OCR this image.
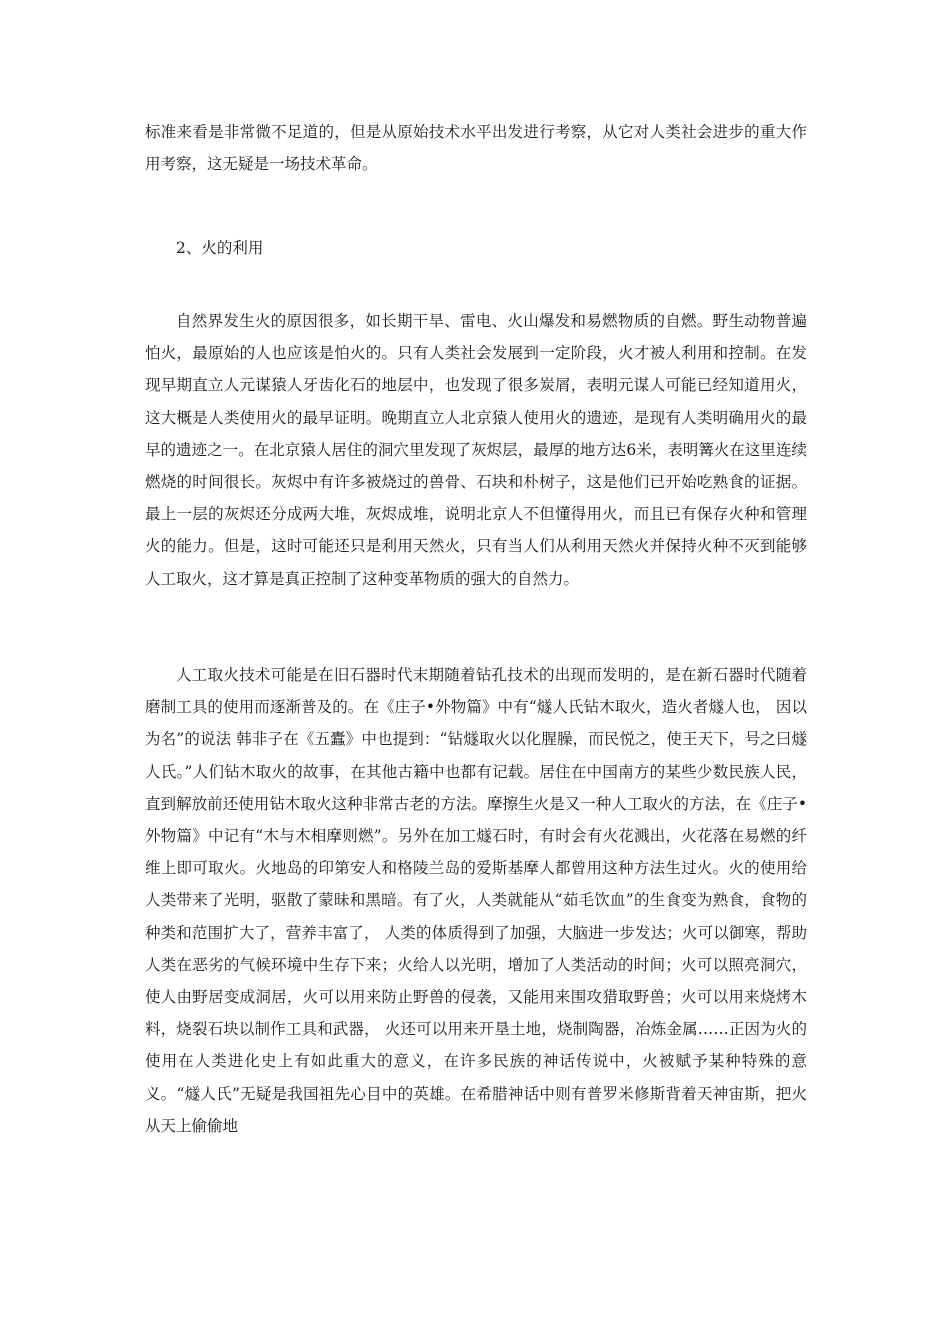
标准来看是非常微不足道的，但是从原始技术水平出发进行考察，从它对人类社会进步的重大作用考察，这无疑是一场技术革命。

2、火的利用

自然界发生火的原因很多，如长期干旱、雷电、火山爆发和易燃物质的自燃。野生动物普遍怕火，最原始的人也应该是怕火的。只有人类社会发展到一定阶段，火才被人利用和控制。在发现早期直立人元谋猿人牙齿化石的地层中，也发现了很多炭屑，表明元谋人可能已经知道用火，这大概是人类使用火的最早证明。晚期直立人北京猿人使用火的遗迹，是现有人类明确用火的最早的遗迹之一。在北京猿人居住的洞穴里发现了灰烬层，最厚的地方达6米，表明篝火在这里连续燃烧的时间很长。灰烬中有许多被烧过的兽骨、石块和朴树子，这是他们已开始吃熟食的证据。最上一层的灰烬还分成两大堆，灰烬成堆，说明北京人不但懂得用火，而且已有保存火种和管理火的能力。但是，这时可能还只是利用天然火，只有当人们从利用天然火并保持火种不灭到能够人工取火，这才算是真正控制了这种变革物质的强大的自然力。

人工取火技术可能是在旧石器时代末期随着钻孔技术的出现而发明的，是在新石器时代随着磨制工具的使用而逐渐普及的。在《庄子•外物篇》中有“燧人氏钻木取火，造火者燧人也， 因以为名”的说法 韩非子在《五蠹》中也提到：“钻燧取火以化腥臊，而民悦之，使王天下，号之曰燧人氏。”人们钻木取火的故事，在其他古籍中也都有记载。居住在中国南方的某些少数民族人民，直到解放前还使用钻木取火这种非常古老的方法。摩擦生火是又一种人工取火的方法，在《庄子• 外物篇》中记有“木与木相摩则燃”。另外在加工燧石时，有时会有火花溅出，火花落在易燃的纤维上即可取火。火地岛的印第安人和格陵兰岛的爱斯基摩人都曾用这种方法生过火。火的使用给人类带来了光明，驱散了蒙昧和黑暗。有了火，人类就能从“茹毛饮血”的生食变为熟食，食物的种类和范围扩大了，营养丰富了， 人类的体质得到了加强，大脑进一步发达；火可以御寒，帮助人类在恶劣的气候环境中生存下来；火给人以光明，增加了人类活动的时间；火可以照亮洞穴，使人由野居变成洞居，火可以用来防止野兽的侵袭，又能用来围攻猎取野兽；火可以用来烧烤木料，烧裂石块以制作工具和武器， 火还可以用来开垦土地，烧制陶器，冶炼金属……正因为火的使用在人类进化史上有如此重大的意义，在许多民族的神话传说中，火被赋予某种特殊的意义。“燧人氏”无疑是我国祖先心目中的英雄。在希腊神话中则有普罗米修斯背着天神宙斯，把火从天上偷偷地
